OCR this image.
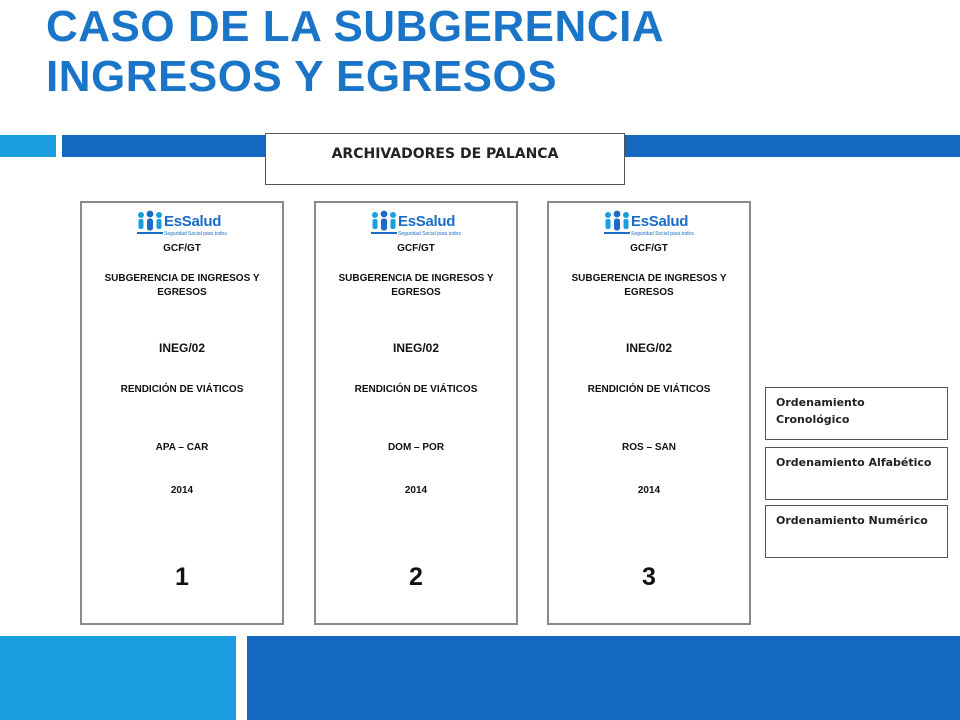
CASO DE LA SUBGERENCIA
INGRESOS Y EGRESOS
ARCHIVADORES DE PALANCA
EsSalud
Seguridad Social para todos
GCF/GT
SUBGERENCIA DE INGRESOS Y EGRESOS
INEG/02
RENDICIÓN DE VIÁTICOS
APA – CAR
2014
1
EsSalud
Seguridad Social para todos
GCF/GT
SUBGERENCIA DE INGRESOS Y EGRESOS
INEG/02
RENDICIÓN DE VIÁTICOS
DOM – POR
2014
2
EsSalud
Seguridad Social para todos
GCF/GT
SUBGERENCIA DE INGRESOS Y EGRESOS
INEG/02
RENDICIÓN DE VIÁTICOS
ROS – SAN
2014
3
Ordenamiento Cronológico
Ordenamiento Alfabético
Ordenamiento Numérico
